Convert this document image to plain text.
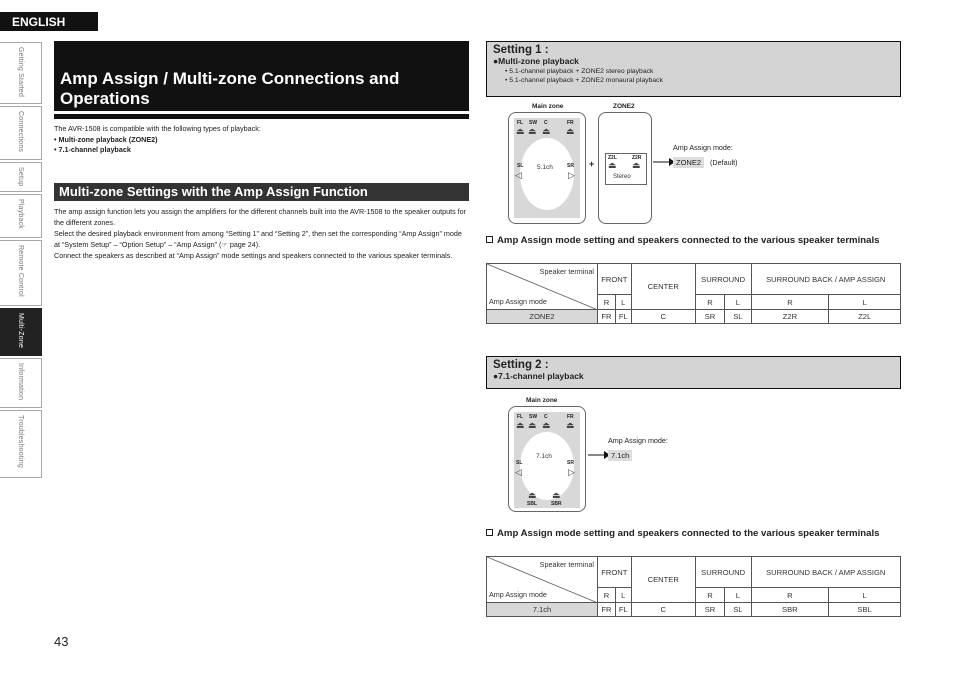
ENGLISH
Getting Started
Connections
Setup
Playback
Remote Control
Multi-Zone
Information
Troubleshooting
43
Amp Assign / Multi-zone Connections and Operations
The AVR-1508 is compatible with the following types of playback:
• Multi-zone playback (ZONE2)
• 7.1-channel playback
Multi-zone Settings with the Amp Assign Function
The amp assign function lets you assign the amplifiers for the different channels built into the AVR-1508 to the speaker outputs for the different zones.
Select the desired playback environment from among “Setting 1” and “Setting 2”, then set the corresponding “Amp Assign” mode at “System Setup” – “Option Setup” – “Amp Assign” (☞ page 24).
Connect the speakers as described at “Amp Assign” mode settings and speakers connected to the various speaker terminals.
Setting 1 :
●Multi-zone playback
• 5.1-channel playback + ZONE2 stereo playback
• 5.1-channel playback + ZONE2 monaural playback
Main zone	ZONE2
FL SW C	FR
⏏ ⏏ ⏏ ⏏
SL	SR
◁	▷
5.1ch	+
Z2L	Z2R
⏏ ⏏
Stereo
Amp Assign mode:
ZONE2	(Default)
Amp Assign mode setting and speakers connected to the various speaker terminals
Speaker terminal
Amp Assign mode	FRONT		CENTER	SURROUND		SURROUND BACK / AMP ASSIGN	
	R	L		R	L	R	L
ZONE2	FR	FL	C	SR	SL	Z2R	Z2L
Setting 2 :
●7.1-channel playback
Main zone
FL SW C	FR
⏏ ⏏ ⏏ ⏏
7.1ch
SL	SR
◁	▷
⏏ ⏏
SBL	SBR
Amp Assign mode:
7.1ch
Amp Assign mode setting and speakers connected to the various speaker terminals
Speaker terminal
Amp Assign mode	FRONT		CENTER	SURROUND		SURROUND BACK / AMP ASSIGN	
	R	L		R	L	R	L
7.1ch	FR	FL	C	SR	SL	SBR	SBL
